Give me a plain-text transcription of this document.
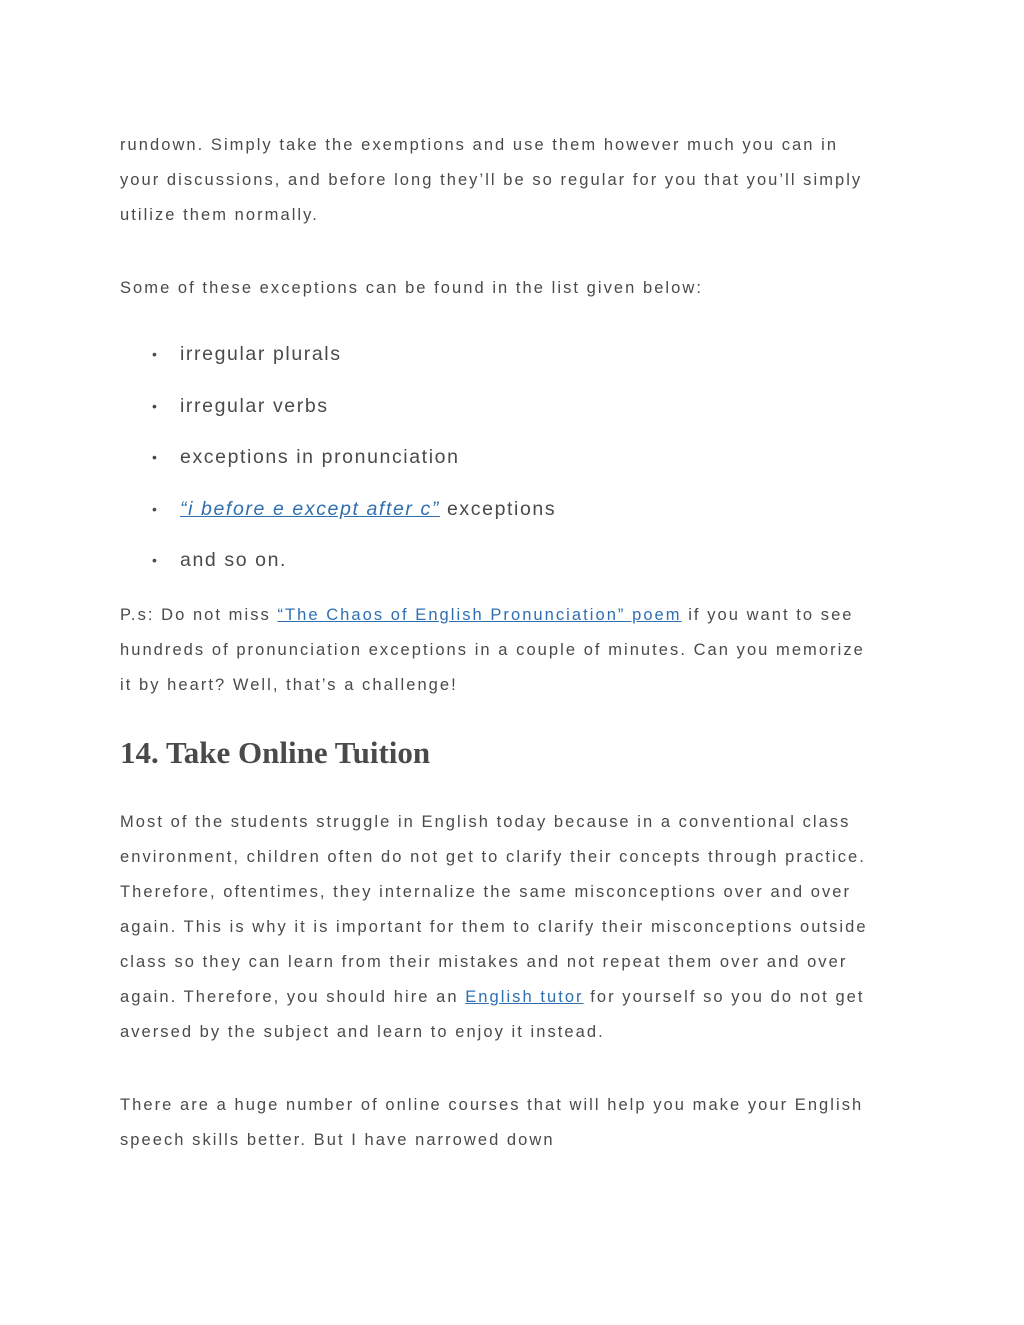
rundown. Simply take the exemptions and use them however much you can in
your discussions, and before long they’ll be so regular for you that you’ll simply
utilize them normally.

Some of these exceptions can be found in the list given below:

• irregular plurals
• irregular verbs
• exceptions in pronunciation
• “i before e except after c” exceptions
• and so on.

P.s: Do not miss “The Chaos of English Pronunciation” poem if you want to see
hundreds of pronunciation exceptions in a couple of minutes. Can you memorize
it by heart? Well, that’s a challenge!

14. Take Online Tuition

Most of the students struggle in English today because in a conventional class
environment, children often do not get to clarify their concepts through practice.
Therefore, oftentimes, they internalize the same misconceptions over and over
again. This is why it is important for them to clarify their misconceptions outside
class so they can learn from their mistakes and not repeat them over and over
again. Therefore, you should hire an English tutor for yourself so you do not get
aversed by the subject and learn to enjoy it instead.

There are a huge number of online courses that will help you make your English
speech skills better. But I have narrowed down
